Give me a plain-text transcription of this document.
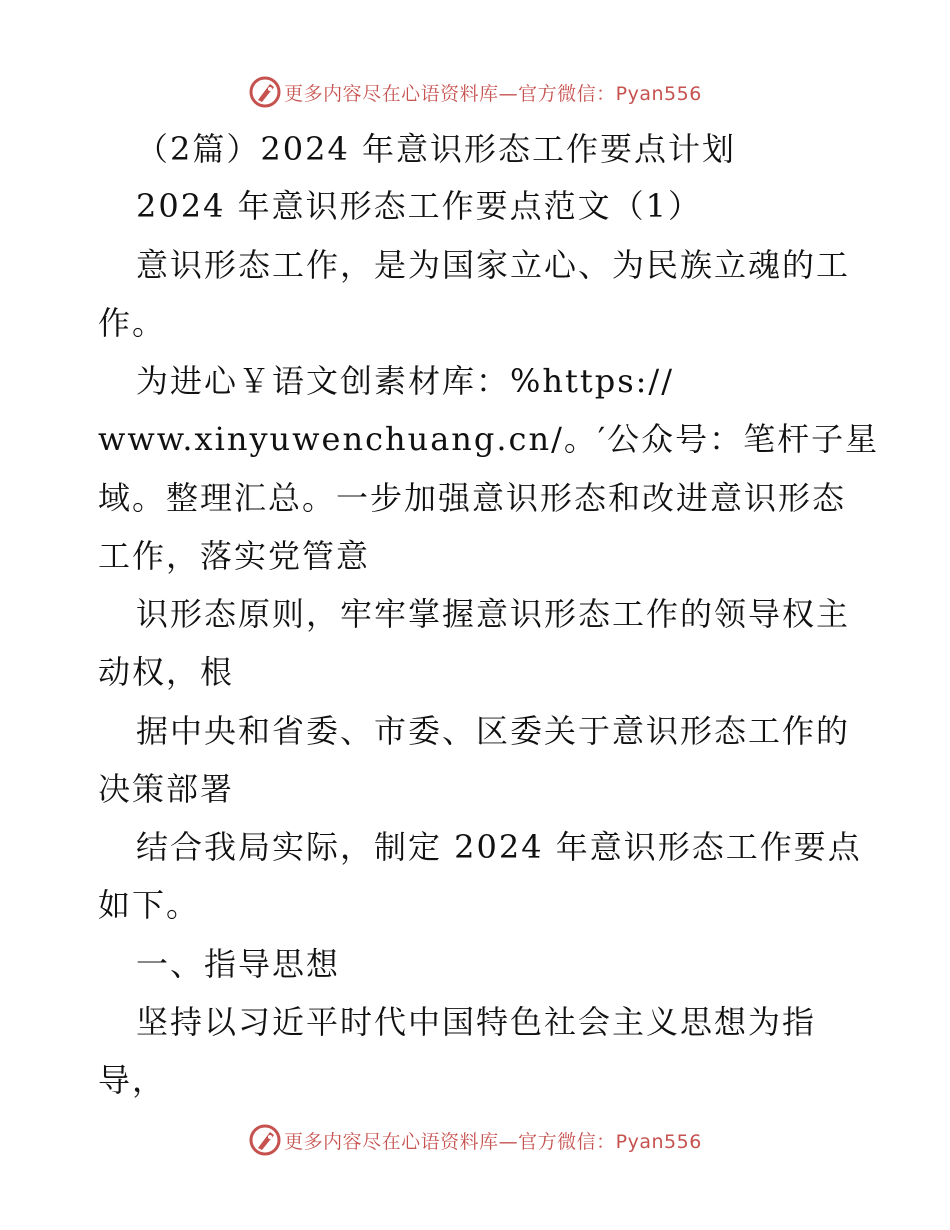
更多内容尽在心语资料库—官方微信：Pyan556
（2篇）2024 年意识形态工作要点计划
2024 年意识形态工作要点范文（1）
意识形态工作，是为国家立心、为民族立魂的工
作。
为进心￥语文创素材库：%https://
www.xinyuwenchuang.cn/。′公众号：笔杆子星
域。整理汇总。一步加强意识形态和改进意识形态
工作，落实党管意
识形态原则，牢牢掌握意识形态工作的领导权主
动权，根
据中央和省委、市委、区委关于意识形态工作的
决策部署
结合我局实际，制定 2024 年意识形态工作要点
如下。
一、指导思想
坚持以习近平时代中国特色社会主义思想为指
导，
更多内容尽在心语资料库—官方微信：Pyan556
